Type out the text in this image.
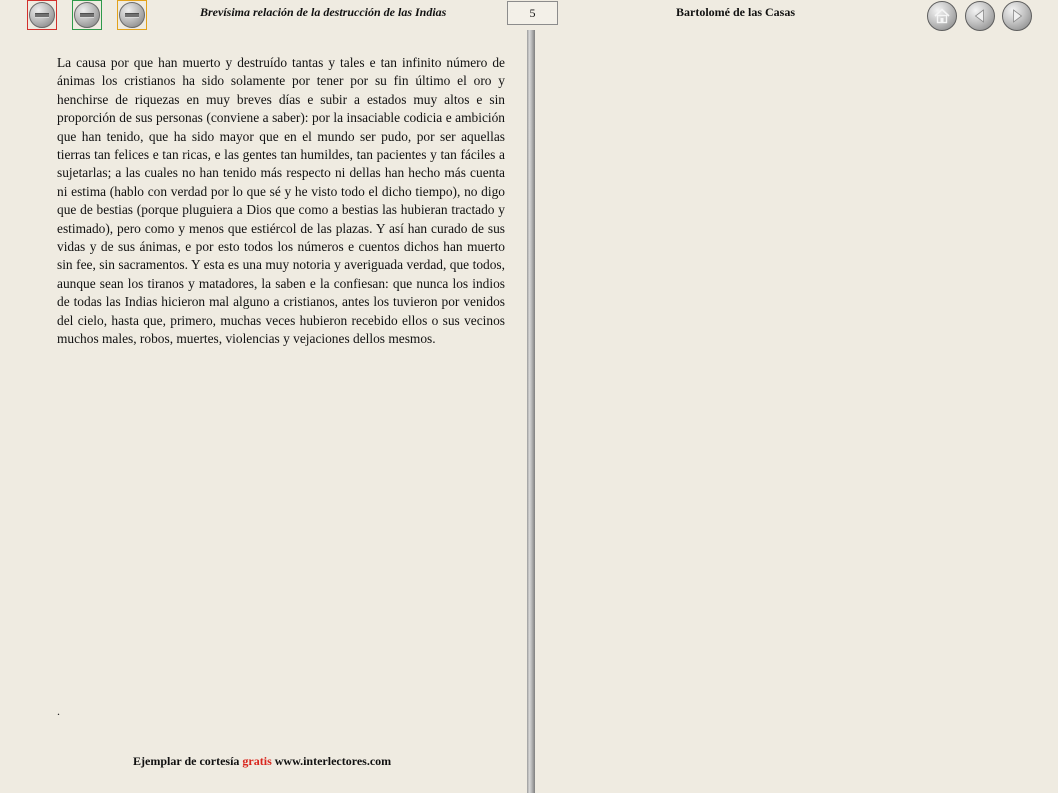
Brevísima relación de la destrucción de las Indias	5	Bartolomé de las Casas

La causa por que han muerto y destruído tantas y tales e tan infinito número de ánimas los cristianos ha sido solamente por tener por su fin último el oro y henchirse de riquezas en muy breves días e subir a estados muy altos e sin proporción de sus personas (conviene a saber): por la insaciable codicia e ambición que han tenido, que ha sido mayor que en el mundo ser pudo, por ser aquellas tierras tan felices e tan ricas, e las gentes tan humildes, tan pacientes y tan fáciles a sujetarlas; a las cuales no han tenido más respecto ni dellas han hecho más cuenta ni estima (hablo con verdad por lo que sé y he visto todo el dicho tiempo), no digo que de bestias (porque pluguiera a Dios que como a bestias las hubieran tractado y estimado), pero como y menos que estiércol de las plazas. Y así han curado de sus vidas y de sus ánimas, e por esto todos los números e cuentos dichos han muerto sin fee, sin sacramentos. Y esta es una muy notoria y averiguada verdad, que todos, aunque sean los tiranos y matadores, la saben e la confiesan: que nunca los indios de todas las Indias hicieron mal alguno a cristianos, antes los tuvieron por venidos del cielo, hasta que, primero, muchas veces hubieron recebido ellos o sus vecinos muchos males, robos, muertes, violencias y vejaciones dellos mesmos.

.
Ejemplar de cortesía gratis www.interlectores.com
